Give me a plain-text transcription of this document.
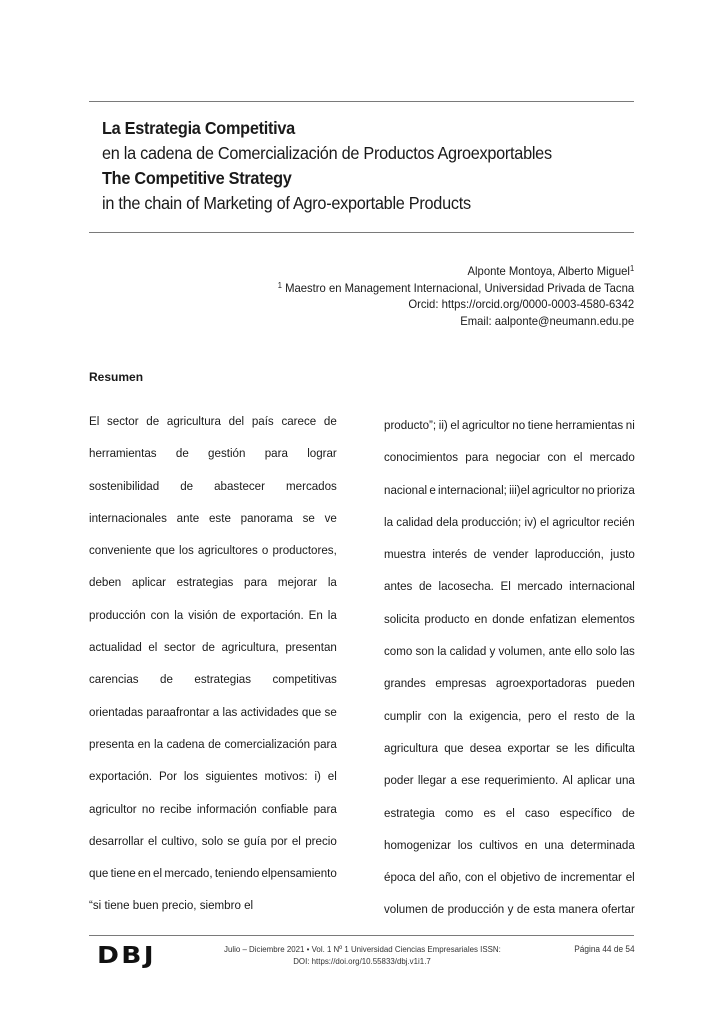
La Estrategia Competitiva
en la cadena de Comercialización de Productos Agroexportables
The Competitive Strategy
in the chain of Marketing of Agro-exportable Products
Alponte Montoya, Alberto Miguel$^1$
$^1$ Maestro en Management Internacional, Universidad Privada de Tacna
Orcid: https://orcid.org/0000-0003-4580-6342
Email: aalponte@neumann.edu.pe
Resumen
El sector de agricultura del país carece de
herramientas de gestión para lograr
sostenibilidad de abastecer mercados
internacionales ante este panorama se ve
conveniente que los agricultores o productores,
deben aplicar estrategias para mejorar la
producción con la visión de exportación. En la
actualidad el sector de agricultura, presentan
carencias de estrategias competitivas
orientadas paraafrontar a las actividades que se
presenta en la cadena de comercialización para
exportación. Por los siguientes motivos: i) el
agricultor no recibe información confiable para
desarrollar el cultivo, solo se guía por el precio
que tiene en el mercado, teniendo elpensamiento
“si tiene buen precio, siembro el
producto”; ii) el agricultor no tiene herramientas ni
conocimientos para negociar con el mercado
nacional e internacional; iii)el agricultor no prioriza
la calidad dela producción; iv) el agricultor recién
muestra interés de vender laproducción, justo
antes de lacosecha. El mercado internacional
solicita producto en donde enfatizan elementos
como son la calidad y volumen, ante ello solo las
grandes empresas agroexportadoras pueden
cumplir con la exigencia, pero el resto de la
agricultura que desea exportar se les dificulta
poder llegar a ese requerimiento. Al aplicar una
estrategia como es el caso específico de
homogenizar los cultivos en una determinada
época del año, con el objetivo de incrementar el
volumen de producción y de esta manera ofertar
DBJ	Julio – Diciembre 2021 • Vol. 1 Nº 1 Universidad Ciencias Empresariales ISSN:
DOI: https://doi.org/10.55833/dbj.v1i1.7
Página 44 de 54
